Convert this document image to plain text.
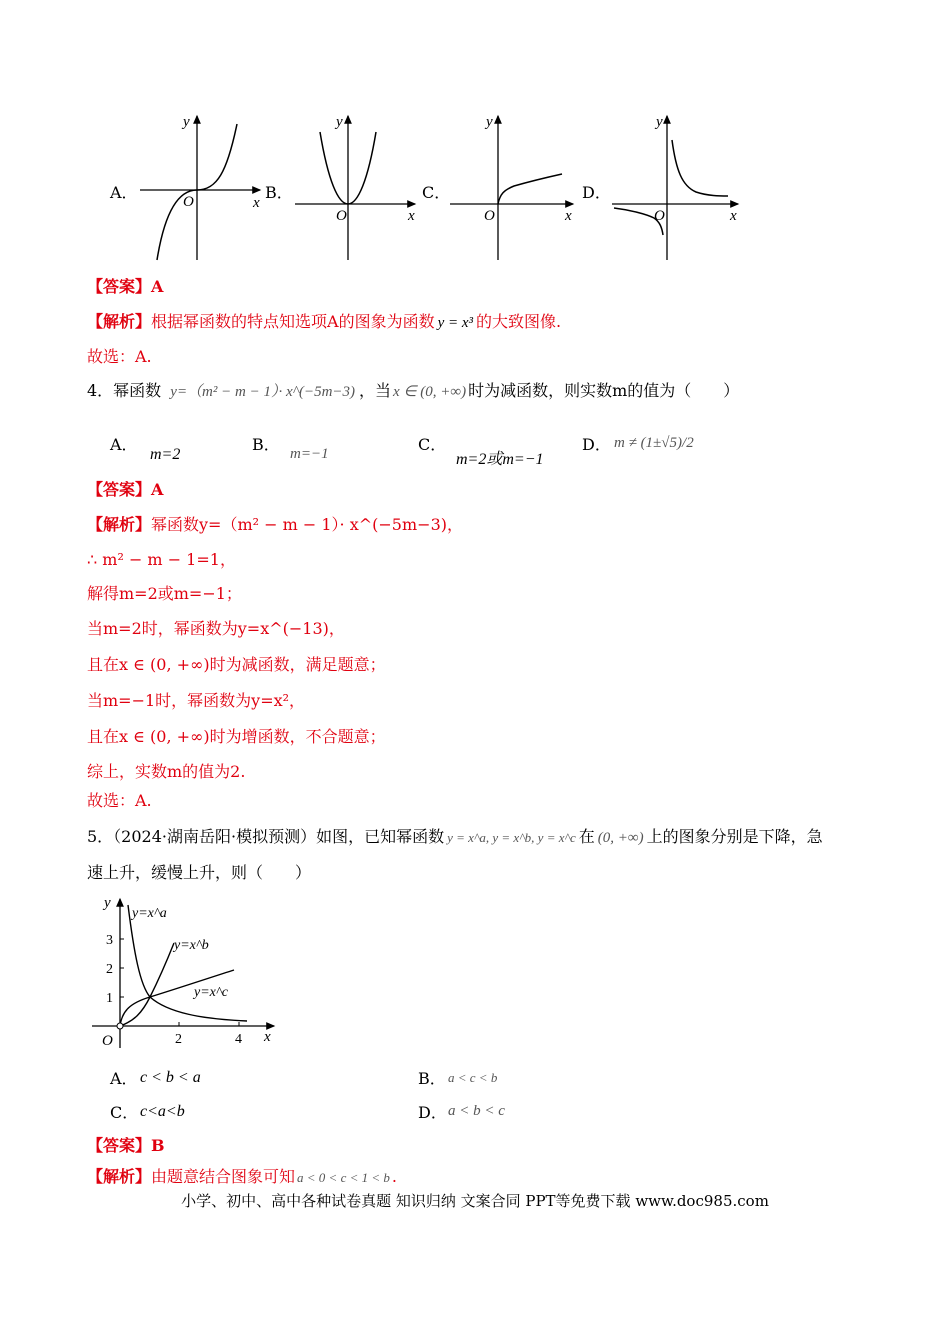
A．	B．	C．	D．
y
x
O
y
x
O
y
x
O
y
x
O
【答案】A
【解析】根据幂函数的特点知选项A的图象为函数 y = x³ 的大致图像.
故选：A.
4．幂函数 y=（m² − m − 1）· x^(−5m−3) ，当 x ∈ (0, +∞) 时为减函数，则实数m的值为（　　）
A．
m=2
B． m=−1	C．
m=2或m=−1
D． m ≠ (1±√5)/2
【答案】A
【解析】幂函数y=（m² − m − 1）· x^(−5m−3)，
∴ m² − m − 1=1，
解得m=2或m=−1；
当m=2时，幂函数为y=x^(−13)，
且在x ∈ (0, +∞)时为减函数，满足题意；
当m=−1时，幂函数为y=x²，
且在x ∈ (0, +∞)时为增函数，不合题意；
综上，实数m的值为2.
故选：A.
5．（2024·湖南岳阳·模拟预测）如图，已知幂函数 y = x^a, y = x^b, y = x^c 在 (0, +∞) 上的图象分别是下降，急
速上升，缓慢上升，则（　　）
y
x
O
1
2
3
2	4
y=x^a
y=x^b
y=x^c
A． c < b < a	B． a < c < b
C． c<a<b	D． a < b < c
【答案】B
【解析】由题意结合图象可知 a < 0 < c < 1 < b .
小学、初中、高中各种试卷真题 知识归纳 文案合同 PPT等免费下载 www.doc985.com
